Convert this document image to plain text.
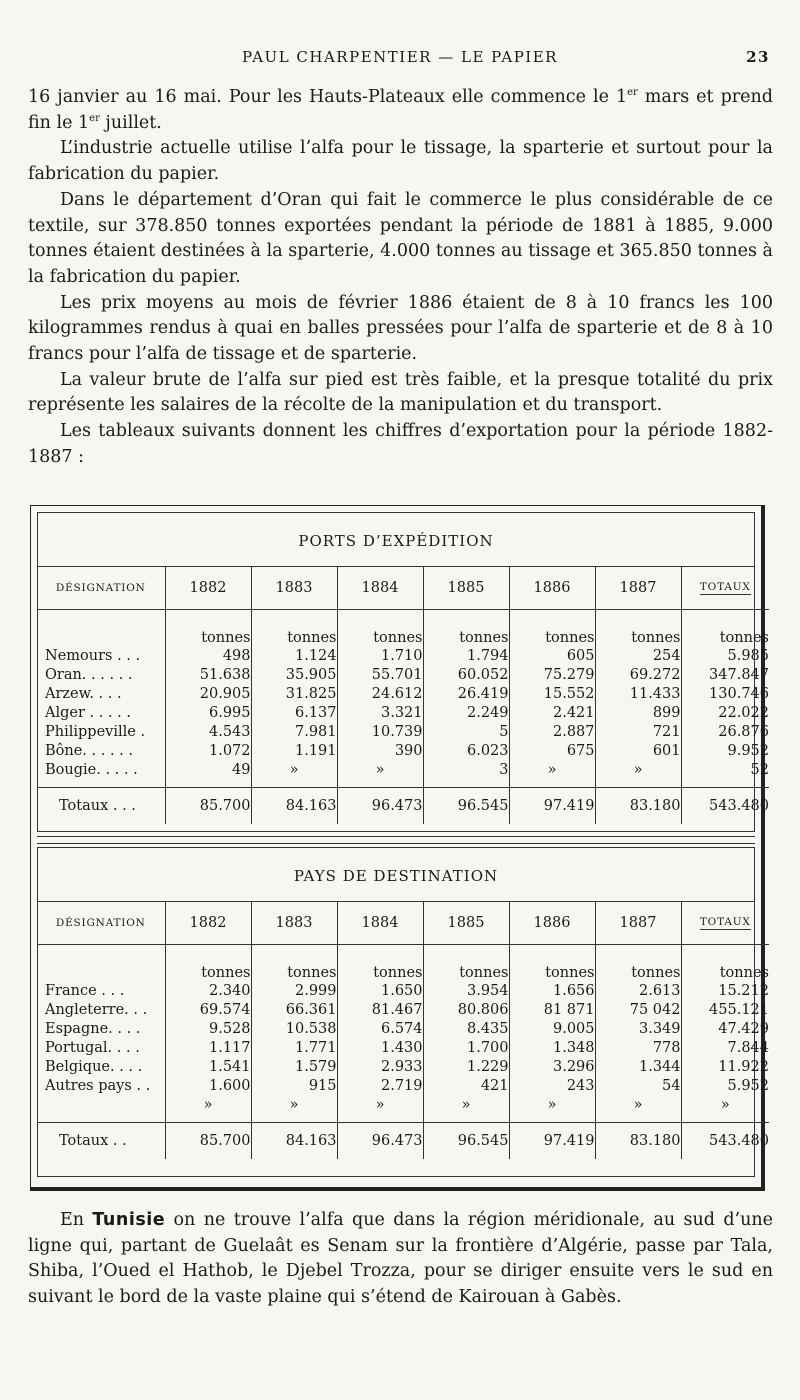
PAUL CHARPENTIER — LE PAPIER	23

16 janvier au 16 mai. Pour les Hauts-Plateaux elle commence le 1er mars et prend fin le 1er juillet.

L’industrie actuelle utilise l’alfa pour le tissage, la sparterie et surtout pour la fabrication du papier.

Dans le département d’Oran qui fait le commerce le plus considérable de ce textile, sur 378.850 tonnes exportées pendant la période de 1881 à 1885, 9.000 tonnes étaient destinées à la sparterie, 4.000 tonnes au tissage et 365.850 tonnes à la fabrication du papier.

Les prix moyens au mois de février 1886 étaient de 8 à 10 francs les 100 kilogrammes rendus à quai en balles pressées pour l’alfa de sparterie et de 8 à 10 francs pour l’alfa de tissage et de sparterie.

La valeur brute de l’alfa sur pied est très faible, et la presque totalité du prix représente les salaires de la récolte de la manipulation et du transport.

Les tableaux suivants donnent les chiffres d’exportation pour la période 1882-1887 :

PORTS D’EXPÉDITION
DÉSIGNATION	1882	1883	1884	1885	1886	1887	TOTAUX

	tonnes	tonnes	tonnes	tonnes	tonnes	tonnes	tonnes
Nemours . . .	498	1.124	1.710	1.794	605	254	5.985
Oran. . . . . .	51.638	35.905	55.701	60.052	75.279	69.272	347.847
Arzew. . . .	20.905	31.825	24.612	26.419	15.552	11.433	130.746
Alger . . . . .	6.995	6.137	3.321	2.249	2.421	899	22.022
Philippeville .	4.543	7.981	10.739	5	2.887	721	26.876
Bône. . . . . .	1.072	1.191	390	6.023	675	601	9.952
Bougie. . . . .	49	»	»	3	»	»	52

Totaux . . .	85.700	84.163	96.473	96.545	97.419	83.180	543.480
PAYS DE DESTINATION
DÉSIGNATION	1882	1883	1884	1885	1886	1887	TOTAUX

	tonnes	tonnes	tonnes	tonnes	tonnes	tonnes	tonnes
France . . .	2.340	2.999	1.650	3.954	1.656	2.613	15.212
Angleterre. . .	69.574	66.361	81.467	80.806	81 871	75 042	455.121
Espagne. . . .	9.528	10.538	6.574	8.435	9.005	3.349	47.429
Portugal. . . .	1.117	1.771	1.430	1.700	1.348	778	7.844
Belgique. . . .	1.541	1.579	2.933	1.229	3.296	1.344	11.922
Autres pays . .	1.600	915	2.719	421	243	54	5.952
	»	»	»	»	»	»	»

Totaux . .	85.700	84.163	96.473	96.545	97.419	83.180	543.480

En Tunisie on ne trouve l’alfa que dans la région méridionale, au sud d’une ligne qui, partant de Guelaât es Senam sur la frontière d’Algérie, passe par Tala, Shiba, l’Oued el Hathob, le Djebel Trozza, pour se diriger ensuite vers le sud en suivant le bord de la vaste plaine qui s’étend de Kairouan à Gabès.
